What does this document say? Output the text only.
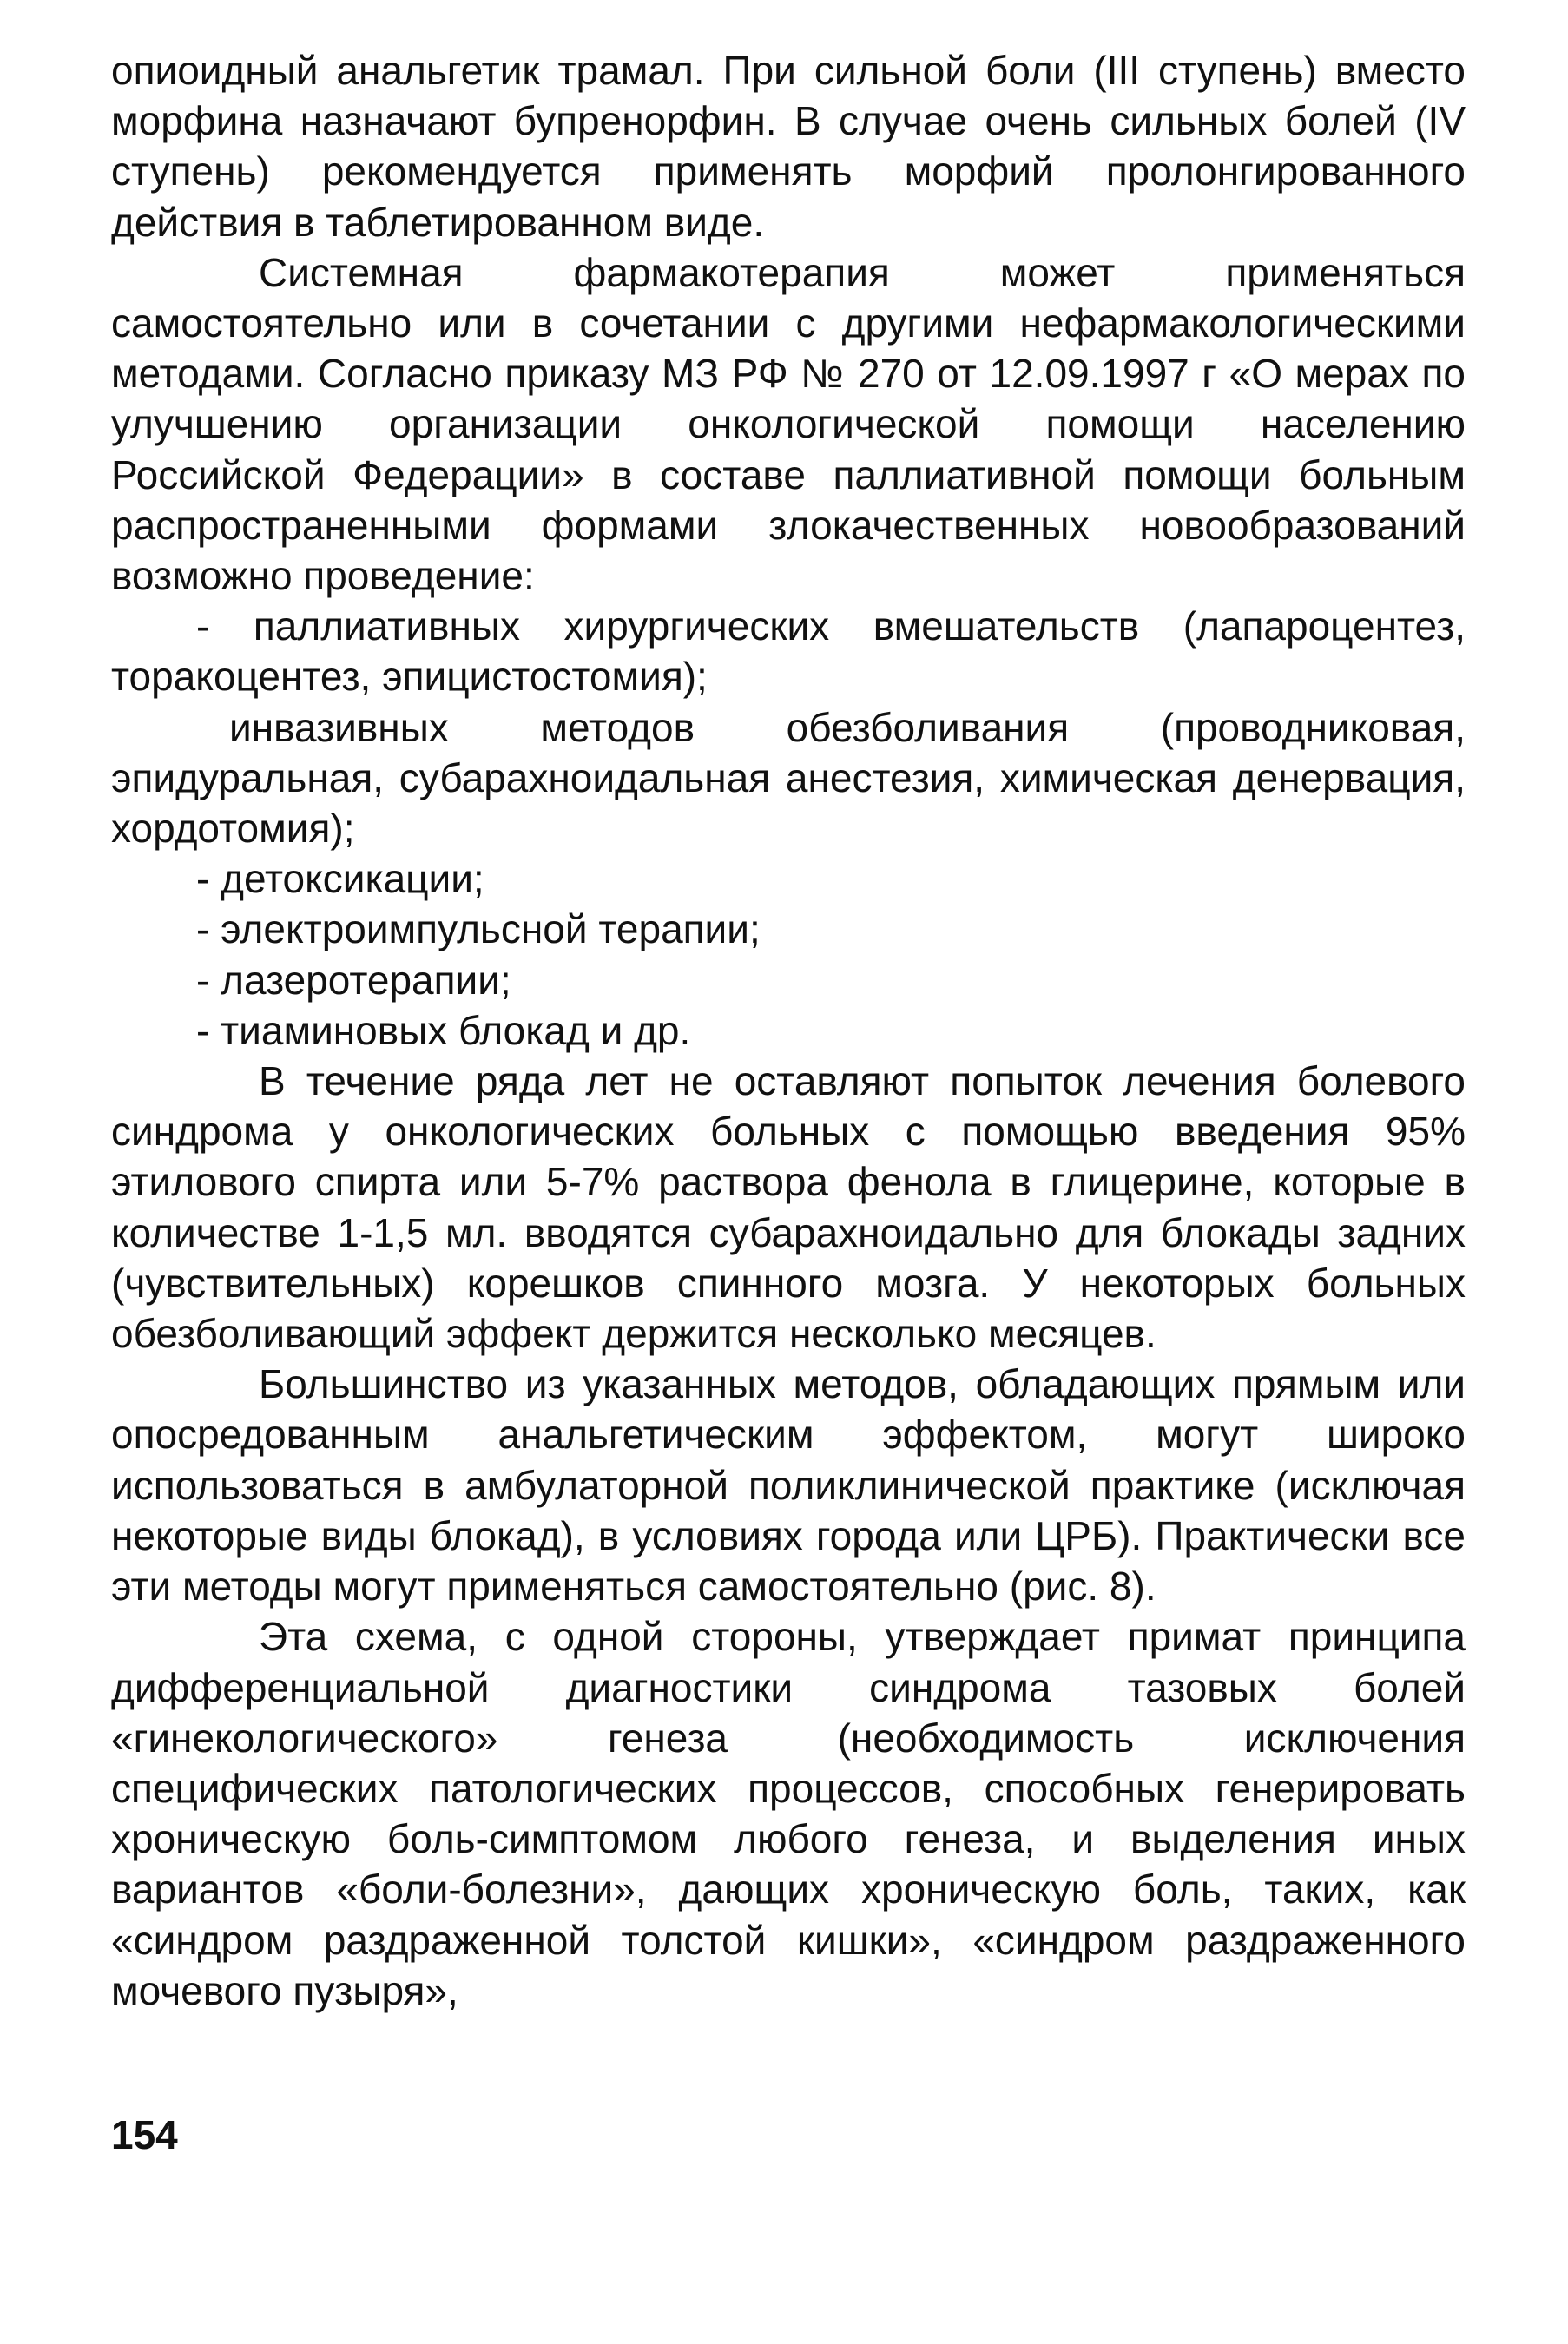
опиоидный анальгетик трамал. При сильной боли (III ступень) вместо морфина назначают бупренорфин. В случае очень сильных болей (IV ступень) рекомендуется применять морфий пролонгированного действия в таблетированном виде.

Системная фармакотерапия может применяться самостоятельно или в сочетании с другими нефармакологическими методами. Согласно приказу МЗ РФ № 270 от 12.09.1997 г «О мерах по улучшению организации онкологической помощи населению Российской Федерации» в составе паллиативной помощи больным распространенными формами злокачественных новообразований возможно проведение:

- паллиативных хирургических вмешательств (лапароцентез, торакоцентез, эпицистостомия);

инвазивных методов обезболивания (проводниковая, эпидуральная, субарахноидальная анестезия, химическая денервация, хордотомия);

- детоксикации;

- электроимпульсной терапии;

- лазеротерапии;

- тиаминовых блокад и др.

В течение ряда лет не оставляют попыток лечения болевого синдрома у онкологических больных с помощью введения 95% этилового спирта или 5-7% раствора фенола в глицерине, которые в количестве 1-1,5 мл. вводятся субарахноидально для блокады задних (чувствительных) корешков спинного мозга. У некоторых больных обезболивающий эффект держится несколько месяцев.

Большинство из указанных методов, обладающих прямым или опосредованным анальгетическим эффектом, могут широко использоваться в амбулаторной поликлинической практике (исключая некоторые виды блокад), в условиях города или ЦРБ). Практически все эти методы могут применяться самостоятельно (рис. 8).

Эта схема, с одной стороны, утверждает примат принципа дифференциальной диагностики синдрома тазовых болей «гинекологического» генеза (необходимость исключения специфических патологических процессов, способных генерировать хроническую боль-симптомом любого генеза, и выделения иных вариантов «боли-болезни», дающих хроническую боль, таких, как «синдром раздраженной толстой кишки», «синдром раздраженного мочевого пузыря»,

154
